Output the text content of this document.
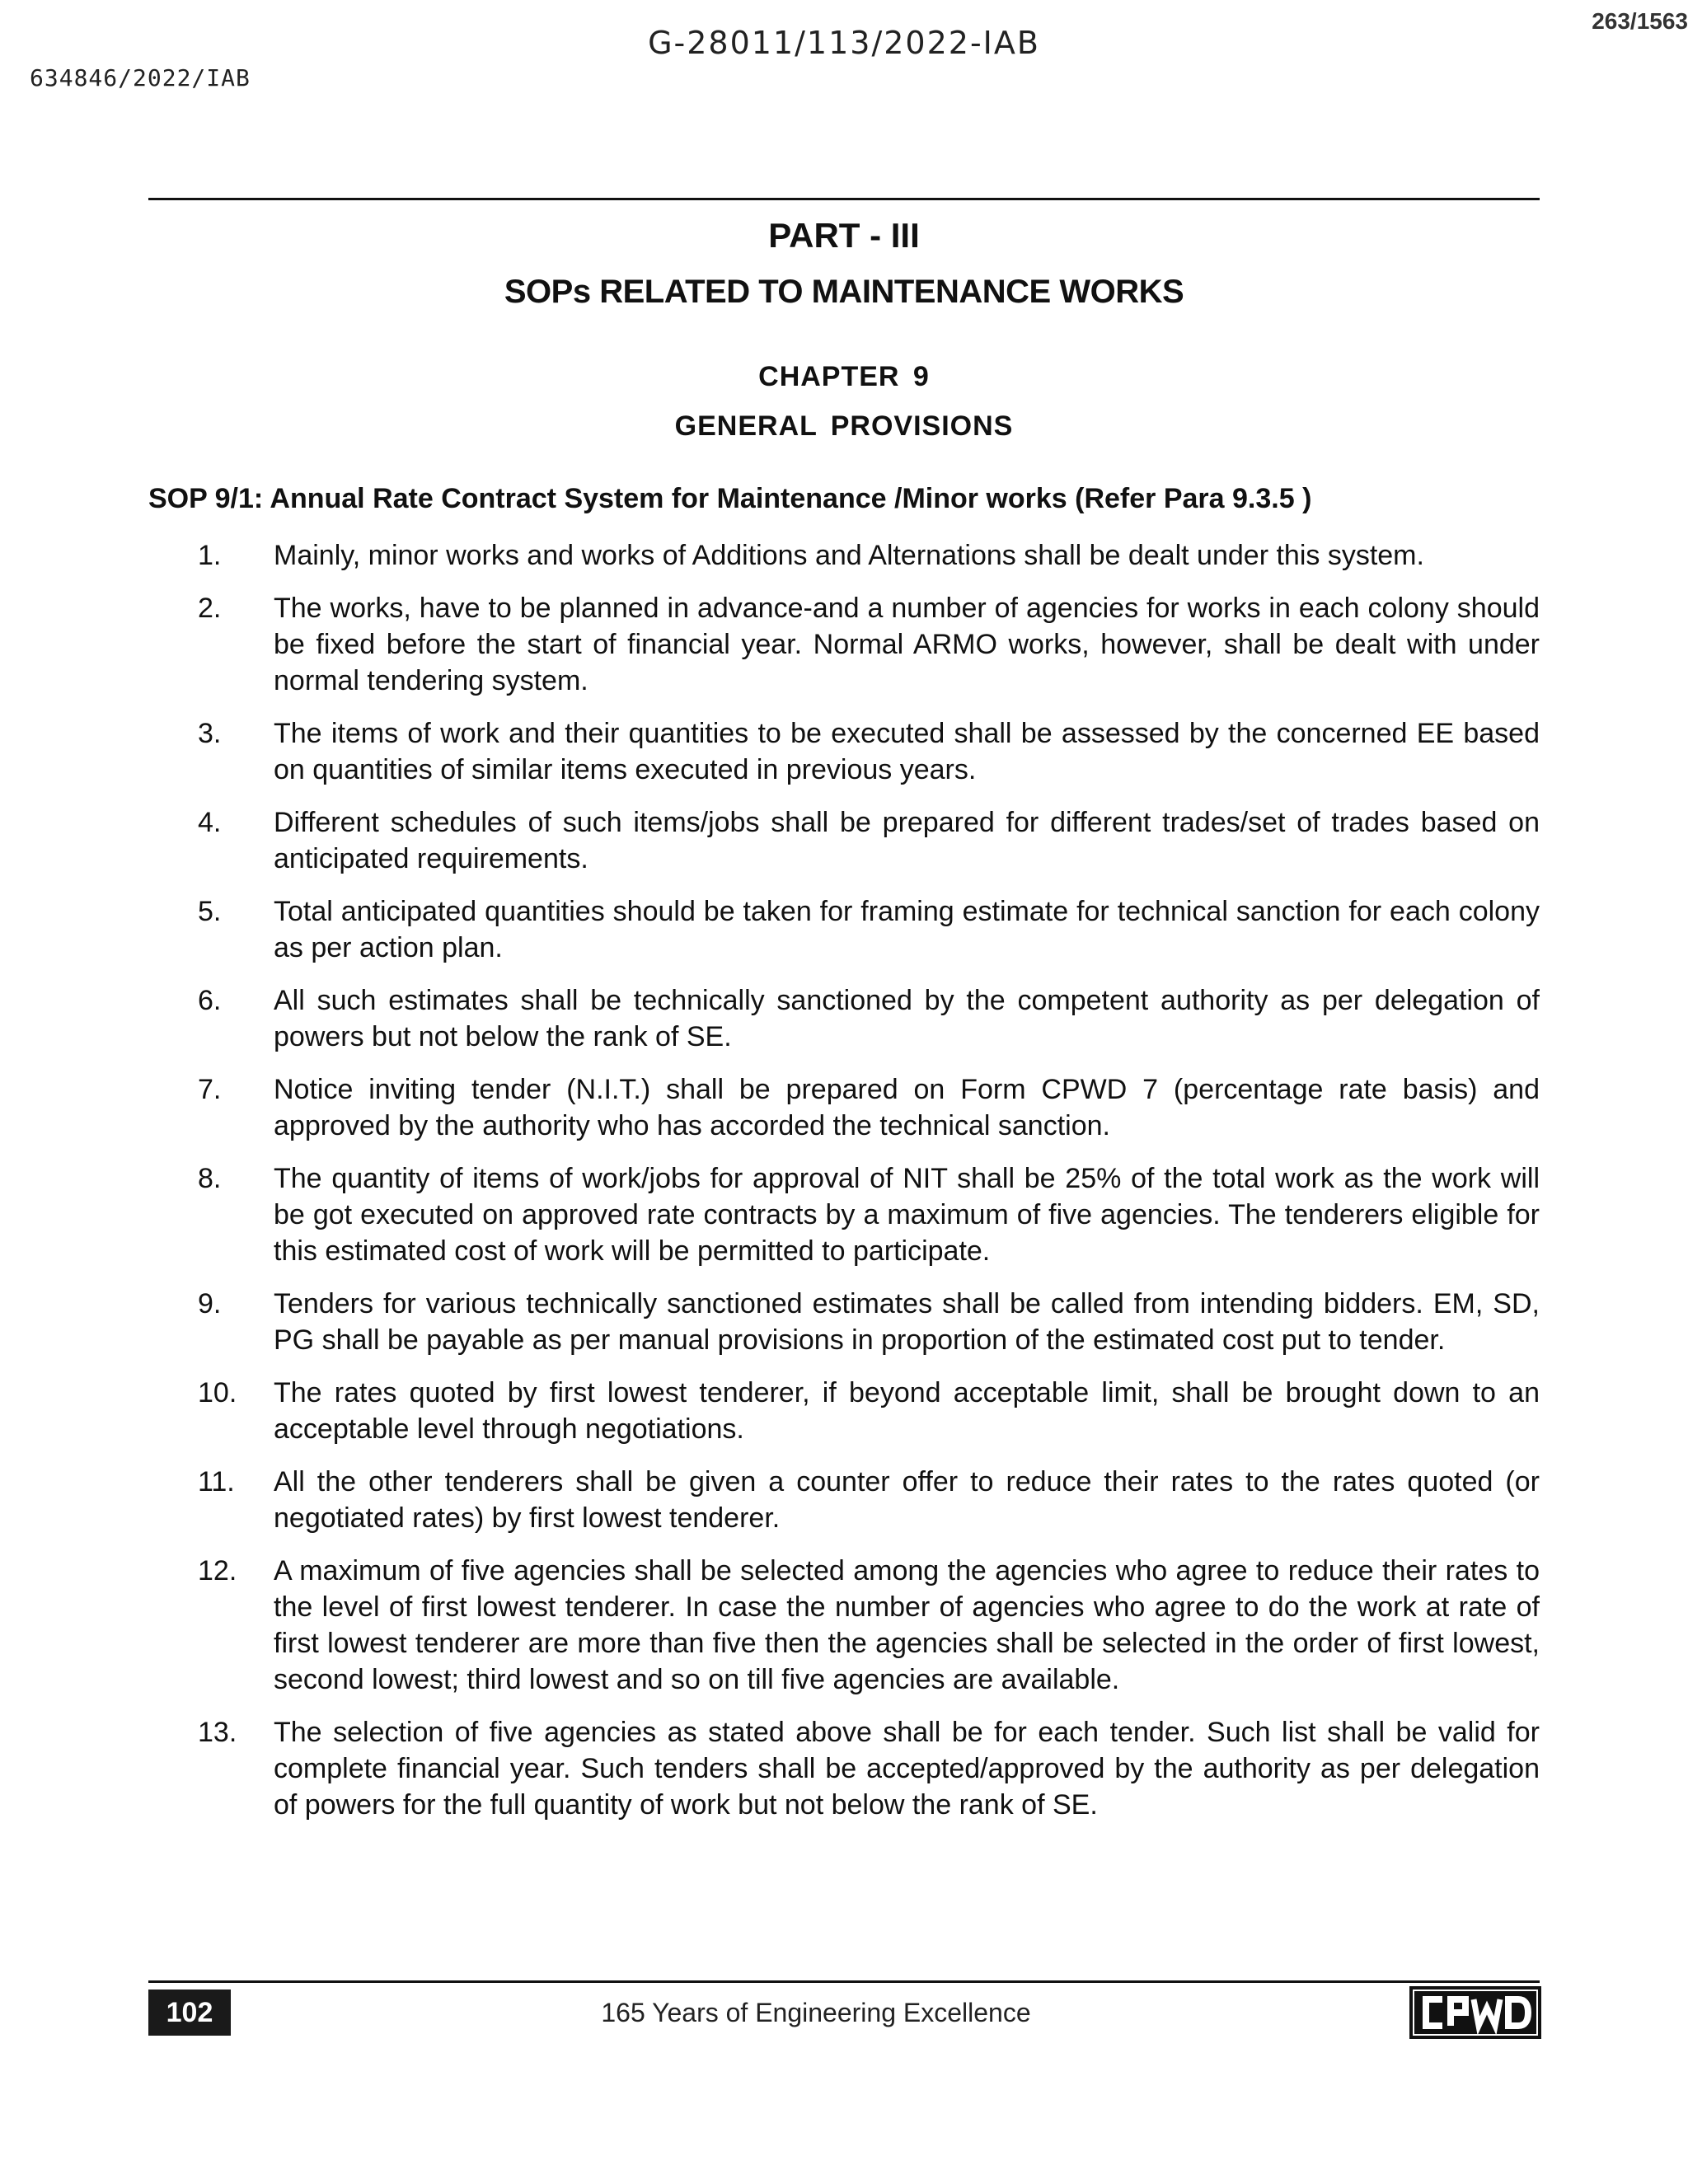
G-28011/113/2022-IAB
263/1563
634846/2022/IAB
PART - III
SOPs RELATED TO MAINTENANCE WORKS
CHAPTER 9
GENERAL PROVISIONS
SOP 9/1: Annual Rate Contract System for Maintenance /Minor works (Refer Para 9.3.5 )
1.	Mainly, minor works and works of Additions and Alternations shall be dealt under this system.
2.	The works, have to be planned in advance-and a number of agencies for works in each colony should be fixed before the start of financial year. Normal ARMO works, however, shall be dealt with under normal tendering system.
3.	The items of work and their quantities to be executed shall be assessed by the concerned EE based on quantities of similar items executed in previous years.
4.	Different schedules of such items/jobs shall be prepared for different trades/set of trades based on anticipated requirements.
5.	Total anticipated quantities should be taken for framing estimate for technical sanction for each colony as per action plan.
6.	All such estimates shall be technically sanctioned by the competent authority as per delegation of powers but not below the rank of SE.
7.	Notice inviting tender (N.I.T.) shall be prepared on Form CPWD 7 (percentage rate basis) and approved by the authority who has accorded the technical sanction.
8.	The quantity of items of work/jobs for approval of NIT shall be 25% of the total work as the work will be got executed on approved rate contracts by a maximum of five agencies. The tenderers eligible for this estimated cost of work will be permitted to participate.
9.	Tenders for various technically sanctioned estimates shall be called from intending bidders. EM, SD, PG shall be payable as per manual provisions in proportion of the estimated cost put to tender.
10.	The rates quoted by first lowest tenderer, if beyond acceptable limit, shall be brought down to an acceptable level through negotiations.
11.	All the other tenderers shall be given a counter offer to reduce their rates to the rates quoted (or negotiated rates) by first lowest tenderer.
12.	A maximum of five agencies shall be selected among the agencies who agree to reduce their rates to the level of first lowest tenderer. In case the number of agencies who agree to do the work at rate of first lowest tenderer are more than five then the agencies shall be selected in the order of first lowest, second lowest; third lowest and so on till five agencies are available.
13.	The selection of five agencies as stated above shall be for each tender. Such list shall be valid for complete financial year. Such tenders shall be accepted/approved by the authority as per delegation of powers for the full quantity of work but not below the rank of SE.
102	165 Years of Engineering Excellence
